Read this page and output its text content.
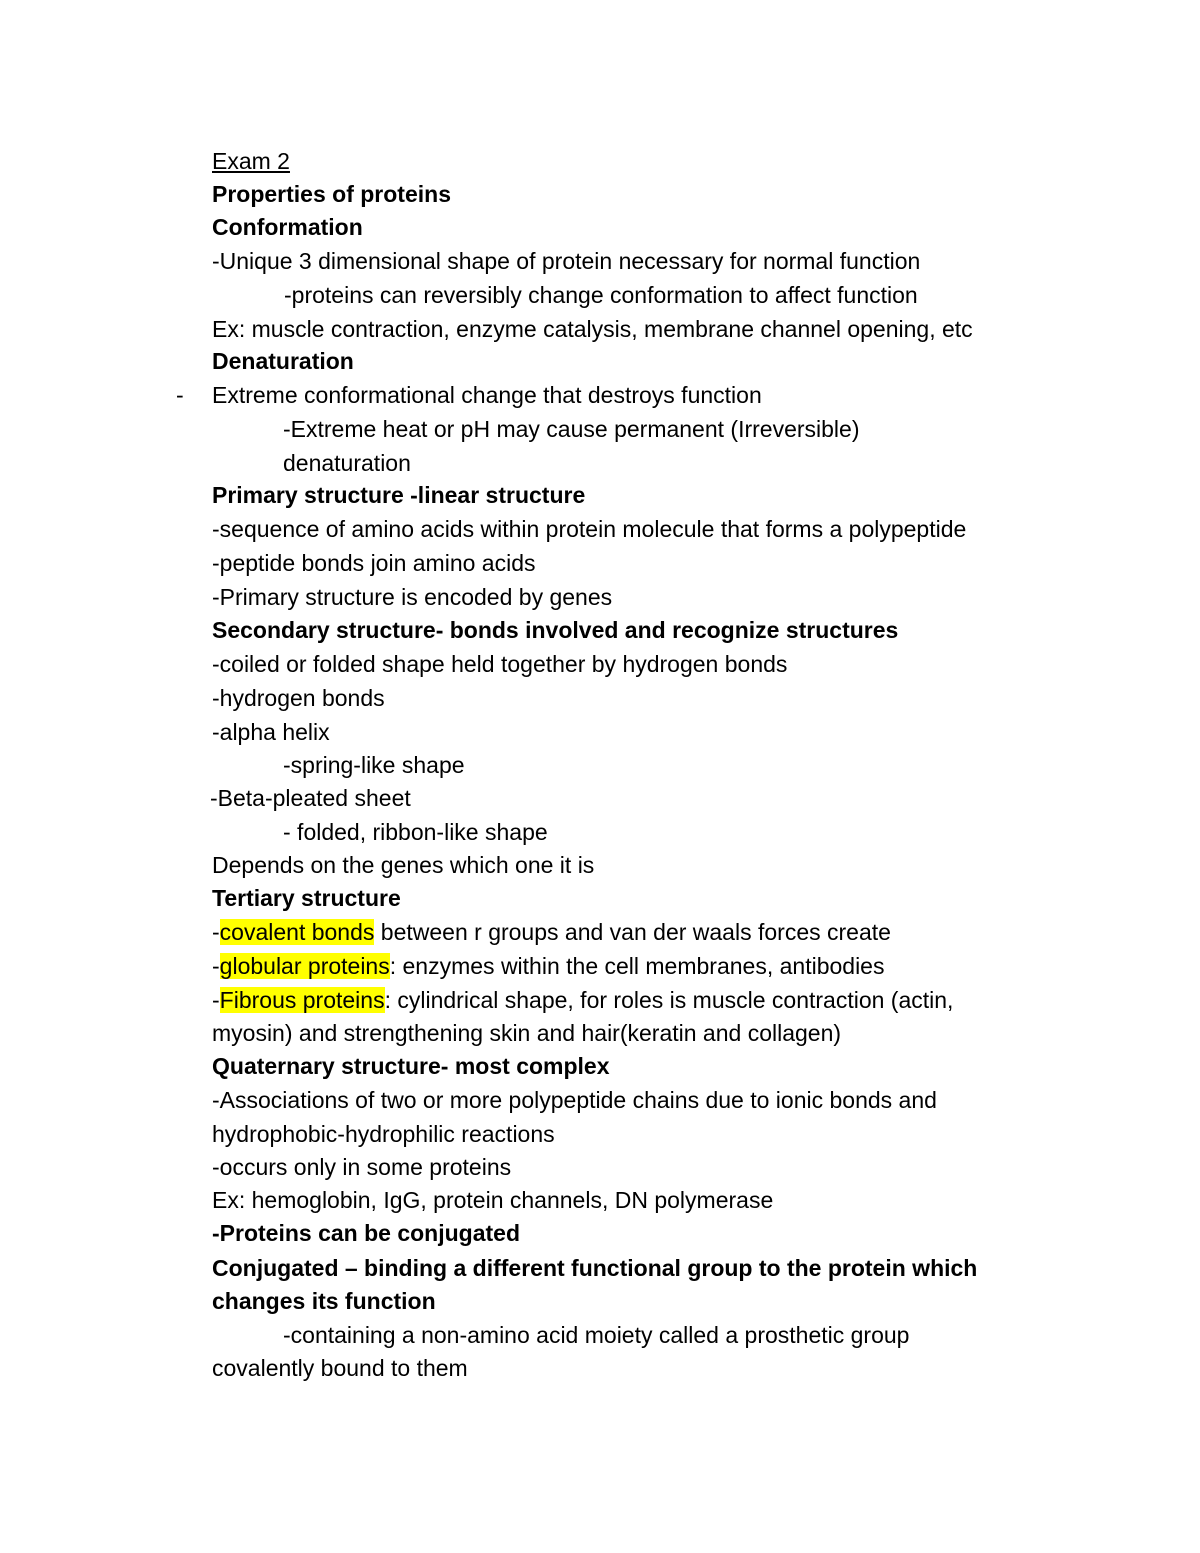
Exam 2
Properties of proteins
Conformation
-Unique 3 dimensional shape of protein necessary for normal function
-proteins can reversibly change conformation to affect function
Ex: muscle contraction, enzyme catalysis, membrane channel opening, etc
Denaturation
- Extreme conformational change that destroys function
-Extreme heat or pH may cause permanent (Irreversible)
denaturation
Primary structure -linear structure
-sequence of amino acids within protein molecule that forms a polypeptide
-peptide bonds join amino acids
-Primary structure is encoded by genes
Secondary structure- bonds involved and recognize structures
-coiled or folded shape held together by hydrogen bonds
-hydrogen bonds
-alpha helix
-spring-like shape
-Beta-pleated sheet
- folded, ribbon-like shape
Depends on the genes which one it is
Tertiary structure
-covalent bonds between r groups and van der waals forces create
-globular proteins: enzymes within the cell membranes, antibodies
-Fibrous proteins: cylindrical shape, for roles is muscle contraction (actin,
myosin) and strengthening skin and hair(keratin and collagen)
Quaternary structure- most complex
-Associations of two or more polypeptide chains due to ionic bonds and
hydrophobic-hydrophilic reactions
-occurs only in some proteins
Ex: hemoglobin, IgG, protein channels, DN polymerase
-Proteins can be conjugated
Conjugated – binding a different functional group to the protein which
changes its function
-containing a non-amino acid moiety called a prosthetic group
covalently bound to them
